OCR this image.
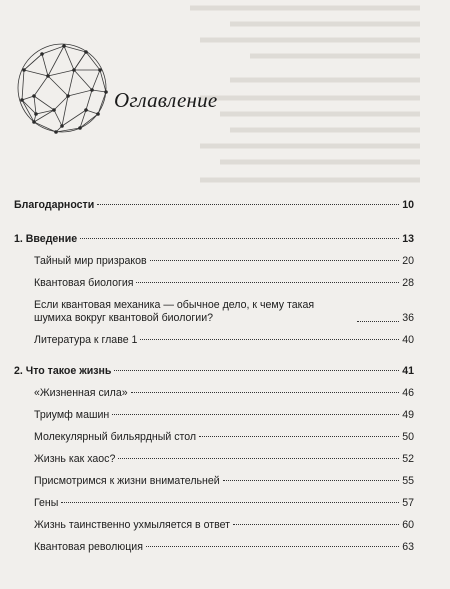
Оглавление
Благодарности	10
1. Введение	13
Тайный мир призраков	20
Квантовая биология	28
Если квантовая механика — обычное дело, к чему такая шумиха вокруг квантовой биологии?	36
Литература к главе 1	40
2. Что такое жизнь	41
«Жизненная сила»	46
Триумф машин	49
Молекулярный бильярдный стол	50
Жизнь как хаос?	52
Присмотримся к жизни внимательней	55
Гены	57
Жизнь таинственно ухмыляется в ответ	60
Квантовая революция	63
